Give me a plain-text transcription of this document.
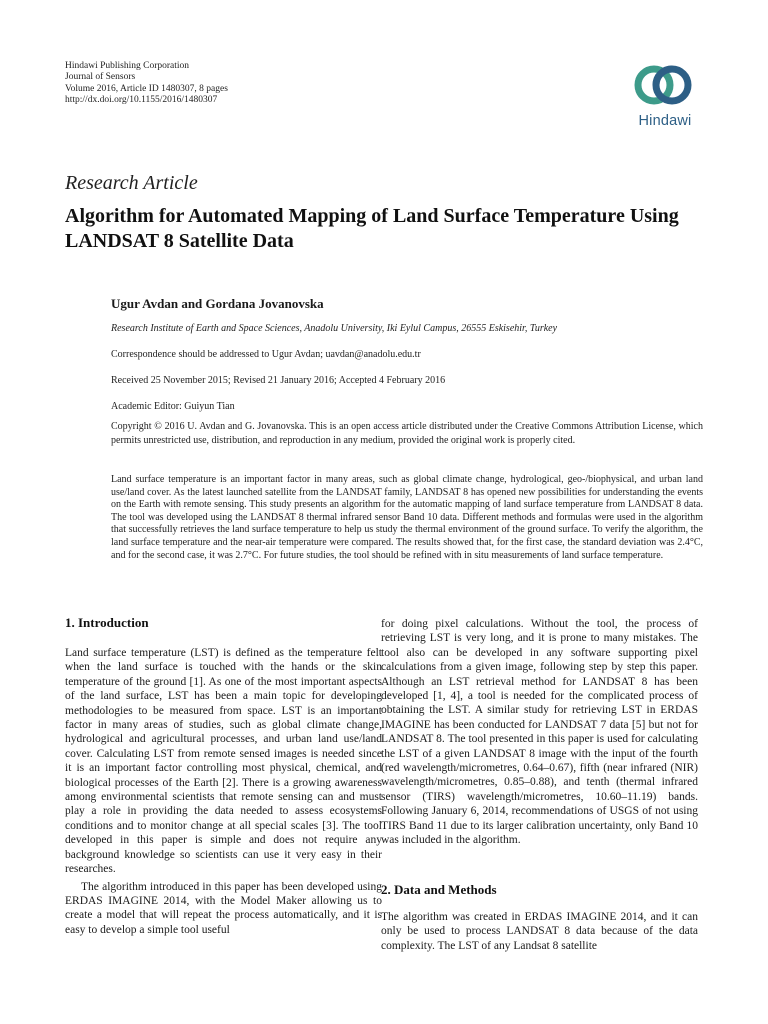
Hindawi Publishing Corporation
Journal of Sensors
Volume 2016, Article ID 1480307, 8 pages
http://dx.doi.org/10.1155/2016/1480307
Hindawi
Research Article
Algorithm for Automated Mapping of Land Surface Temperature Using LANDSAT 8 Satellite Data
Ugur Avdan and Gordana Jovanovska
Research Institute of Earth and Space Sciences, Anadolu University, Iki Eylul Campus, 26555 Eskisehir, Turkey
Correspondence should be addressed to Ugur Avdan; uavdan@anadolu.edu.tr
Received 25 November 2015; Revised 21 January 2016; Accepted 4 February 2016
Academic Editor: Guiyun Tian
Copyright © 2016 U. Avdan and G. Jovanovska. This is an open access article distributed under the Creative Commons Attribution License, which permits unrestricted use, distribution, and reproduction in any medium, provided the original work is properly cited.
Land surface temperature is an important factor in many areas, such as global climate change, hydrological, geo-/biophysical, and urban land use/land cover. As the latest launched satellite from the LANDSAT family, LANDSAT 8 has opened new possibilities for understanding the events on the Earth with remote sensing. This study presents an algorithm for the automatic mapping of land surface temperature from LANDSAT 8 data. The tool was developed using the LANDSAT 8 thermal infrared sensor Band 10 data. Different methods and formulas were used in the algorithm that successfully retrieves the land surface temperature to help us study the thermal environment of the ground surface. To verify the algorithm, the land surface temperature and the near-air temperature were compared. The results showed that, for the first case, the standard deviation was 2.4°C, and for the second case, it was 2.7°C. For future studies, the tool should be refined with in situ measurements of land surface temperature.
1. Introduction

Land surface temperature (LST) is defined as the temperature felt when the land surface is touched with the hands or the skin temperature of the ground [1]. As one of the most important aspects of the land surface, LST has been a main topic for developing methodologies to be measured from space. LST is an important factor in many areas of studies, such as global climate change, hydrological and agricultural processes, and urban land use/land cover. Calculating LST from remote sensed images is needed since it is an important factor controlling most physical, chemical, and biological processes of the Earth [2]. There is a growing awareness among environmental scientists that remote sensing can and must play a role in providing the data needed to assess ecosystems conditions and to monitor change at all special scales [3]. The tool developed in this paper is simple and does not require any background knowledge so scientists can use it very easy in their researches.

The algorithm introduced in this paper has been developed using ERDAS IMAGINE 2014, with the Model Maker allowing us to create a model that will repeat the process automatically, and it is easy to develop a simple tool useful

for doing pixel calculations. Without the tool, the process of retrieving LST is very long, and it is prone to many mistakes. The tool also can be developed in any software supporting pixel calculations from a given image, following step by step this paper. Although an LST retrieval method for LANDSAT 8 has been developed [1, 4], a tool is needed for the complicated process of obtaining the LST. A similar study for retrieving LST in ERDAS IMAGINE has been conducted for LANDSAT 7 data [5] but not for LANDSAT 8. The tool presented in this paper is used for calculating the LST of a given LANDSAT 8 image with the input of the fourth (red wavelength/micrometres, 0.64–0.67), fifth (near infrared (NIR) wavelength/micrometres, 0.85–0.88), and tenth (thermal infrared sensor (TIRS) wavelength/micrometres, 10.60–11.19) bands. Following January 6, 2014, recommendations of USGS of not using TIRS Band 11 due to its larger calibration uncertainty, only Band 10 was included in the algorithm.

2. Data and Methods

The algorithm was created in ERDAS IMAGINE 2014, and it can only be used to process LANDSAT 8 data because of the data complexity. The LST of any Landsat 8 satellite
